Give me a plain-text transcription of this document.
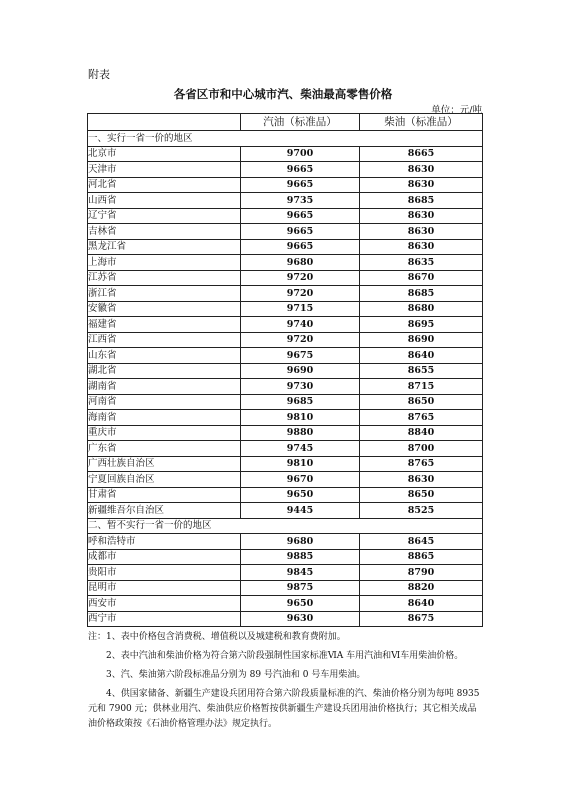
附表
各省区市和中心城市汽、柴油最高零售价格
单位：元/吨
	汽油（标准品）	柴油（标准品）
一、实行一省一价的地区		
北京市	9700	8665
天津市	9665	8630
河北省	9665	8630
山西省	9735	8685
辽宁省	9665	8630
吉林省	9665	8630
黑龙江省	9665	8630
上海市	9680	8635
江苏省	9720	8670
浙江省	9720	8685
安徽省	9715	8680
福建省	9740	8695
江西省	9720	8690
山东省	9675	8640
湖北省	9690	8655
湖南省	9730	8715
河南省	9685	8650
海南省	9810	8765
重庆市	9880	8840
广东省	9745	8700
广西壮族自治区	9810	8765
宁夏回族自治区	9670	8630
甘肃省	9650	8650
新疆维吾尔自治区	9445	8525
二、暂不实行一省一价的地区		
呼和浩特市	9680	8645
成都市	9885	8865
贵阳市	9845	8790
昆明市	9875	8820
西安市	9650	8640
西宁市	9630	8675

注：1、表中价格包含消费税、增值税以及城建税和教育费附加。

2、表中汽油和柴油价格为符合第六阶段强制性国家标准ⅥA 车用汽油和Ⅵ车用柴油价格。

3、汽、柴油第六阶段标准品分别为 89 号汽油和 0 号车用柴油。

4、供国家储备、新疆生产建设兵团用符合第六阶段质量标准的汽、柴油价格分别为每吨 8935 元和 7900 元；供林业用汽、柴油供应价格暂按供新疆生产建设兵团用油价格执行；其它相关成品油价格政策按《石油价格管理办法》规定执行。
